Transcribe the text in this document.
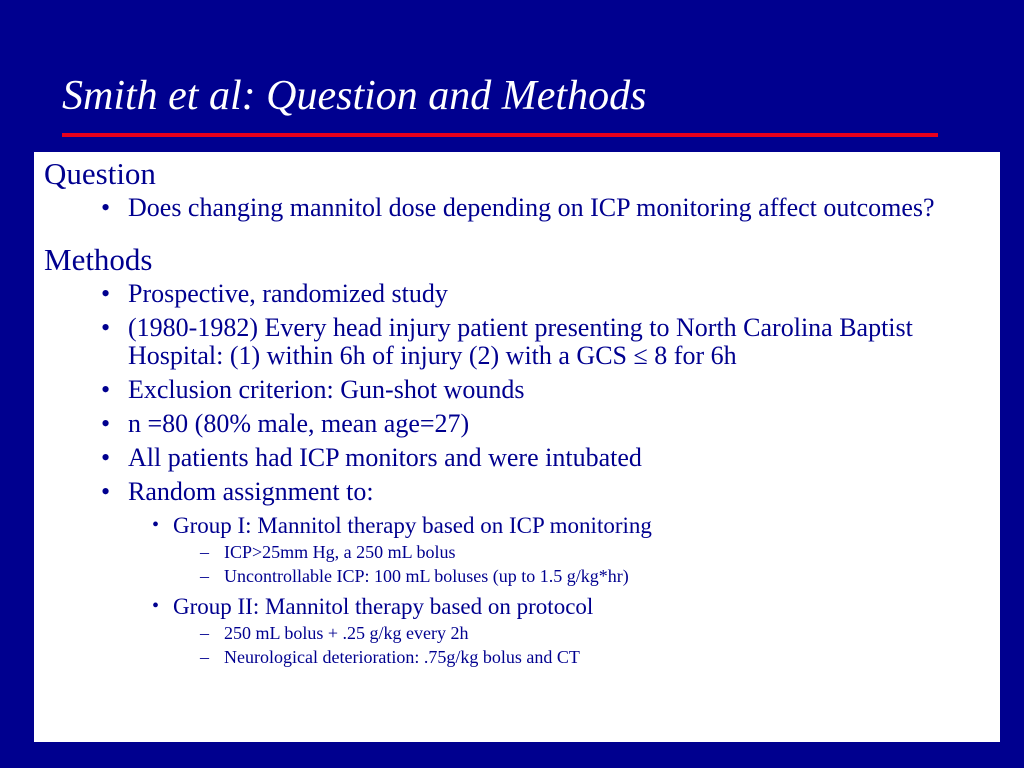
Smith et al: Question and Methods
Question
• Does changing mannitol dose depending on ICP monitoring affect outcomes?
Methods
• Prospective, randomized study
• (1980-1982) Every head injury patient presenting to North Carolina Baptist Hospital: (1) within 6h of injury (2) with a GCS ≤ 8 for 6h
• Exclusion criterion: Gun-shot wounds
• n =80 (80% male, mean age=27)
• All patients had ICP monitors and were intubated
• Random assignment to:
• Group I: Mannitol therapy based on ICP monitoring
– ICP>25mm Hg, a 250 mL bolus
– Uncontrollable ICP: 100 mL boluses (up to 1.5 g/kg*hr)
• Group II: Mannitol therapy based on protocol
– 250 mL bolus + .25 g/kg every 2h
– Neurological deterioration: .75g/kg bolus and CT
